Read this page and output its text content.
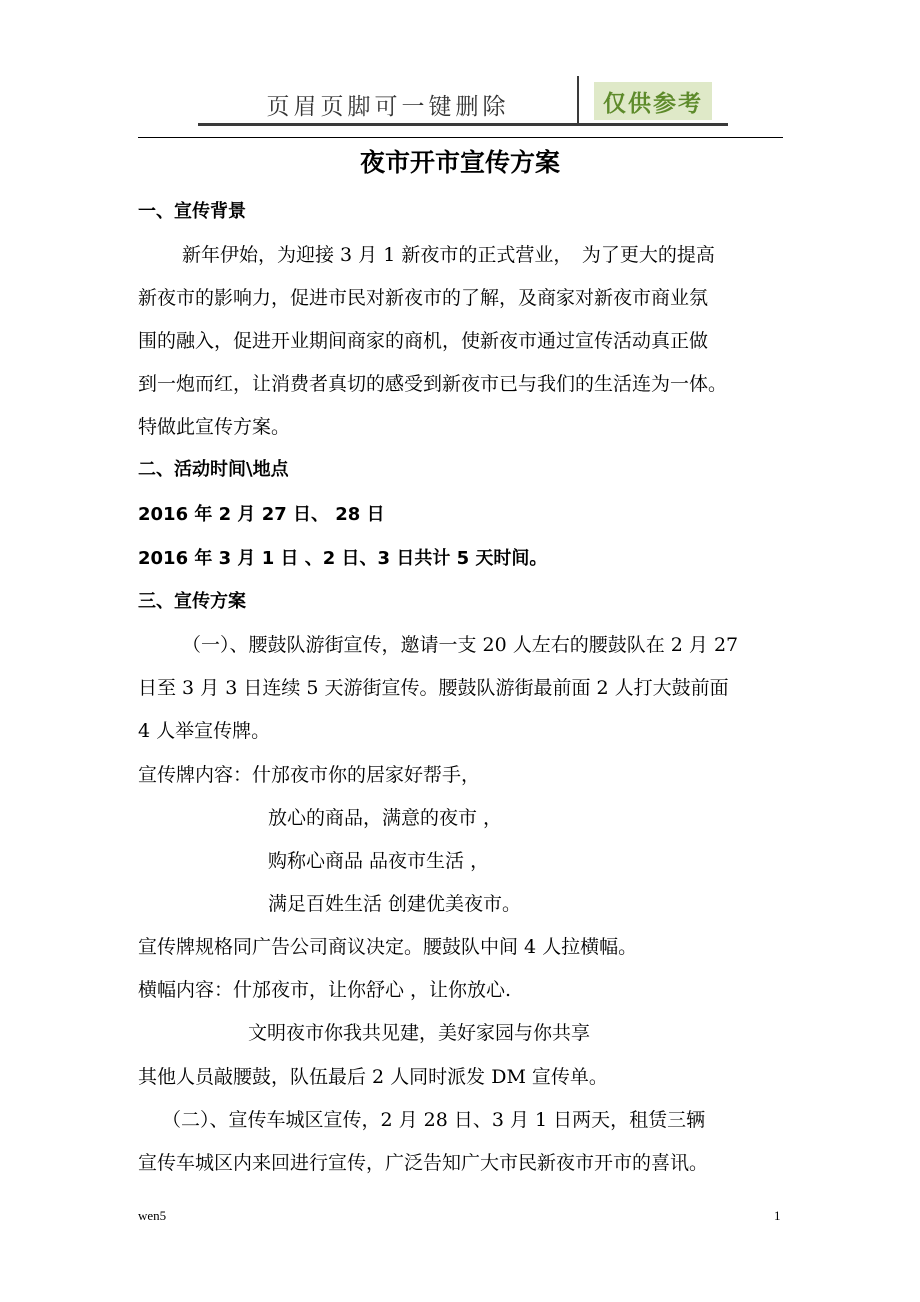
页眉页脚可一键删除	仅供参考
夜市开市宣传方案
一、宣传背景
新年伊始，为迎接 3 月 1 新夜市的正式营业，　为了更大的提高
新夜市的影响力，促进市民对新夜市的了解，及商家对新夜市商业氛
围的融入，促进开业期间商家的商机，使新夜市通过宣传活动真正做
到一炮而红，让消费者真切的感受到新夜市已与我们的生活连为一体。
特做此宣传方案。
二、活动时间\地点
2016 年 2 月 27 日、 28 日
2016 年 3 月 1 日 、2 日、3 日共计 5 天时间。
三、宣传方案
（一）、腰鼓队游街宣传，邀请一支 20 人左右的腰鼓队在 2 月 27
日至 3 月 3 日连续 5 天游街宣传。腰鼓队游街最前面 2 人打大鼓前面
4 人举宣传牌。
宣传牌内容：什邡夜市你的居家好帮手，
放心的商品，满意的夜市 ，
购称心商品 品夜市生活 ，
满足百姓生活 创建优美夜市。
宣传牌规格同广告公司商议决定。腰鼓队中间 4 人拉横幅。
横幅内容：什邡夜市，让你舒心 ，让你放心.
文明夜市你我共见建，美好家园与你共享
其他人员敲腰鼓，队伍最后 2 人同时派发 DM 宣传单。
（二）、宣传车城区宣传，2 月 28 日、3 月 1 日两天，租赁三辆
宣传车城区内来回进行宣传，广泛告知广大市民新夜市开市的喜讯。
wen5	1
